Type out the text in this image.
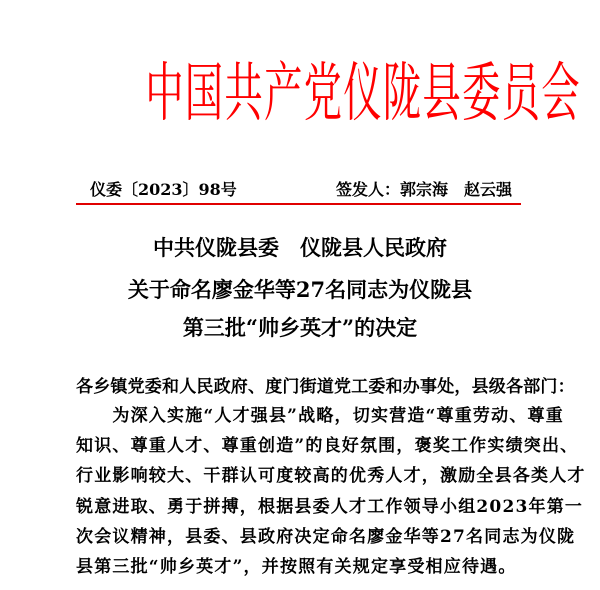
中国共产党仪陇县委员会
仪委〔2023〕98号	签发人：郭宗海　赵云强
中共仪陇县委　仪陇县人民政府
关于命名廖金华等27名同志为仪陇县
第三批“帅乡英才”的决定
各乡镇党委和人民政府、度门街道党工委和办事处，县级各部门：
　　为深入实施“人才强县”战略，切实营造“尊重劳动、尊重
知识、尊重人才、尊重创造”的良好氛围，褒奖工作实绩突出、
行业影响较大、干群认可度较高的优秀人才，激励全县各类人才
锐意进取、勇于拼搏，根据县委人才工作领导小组2023年第一
次会议精神，县委、县政府决定命名廖金华等27名同志为仪陇
县第三批“帅乡英才”，并按照有关规定享受相应待遇。
